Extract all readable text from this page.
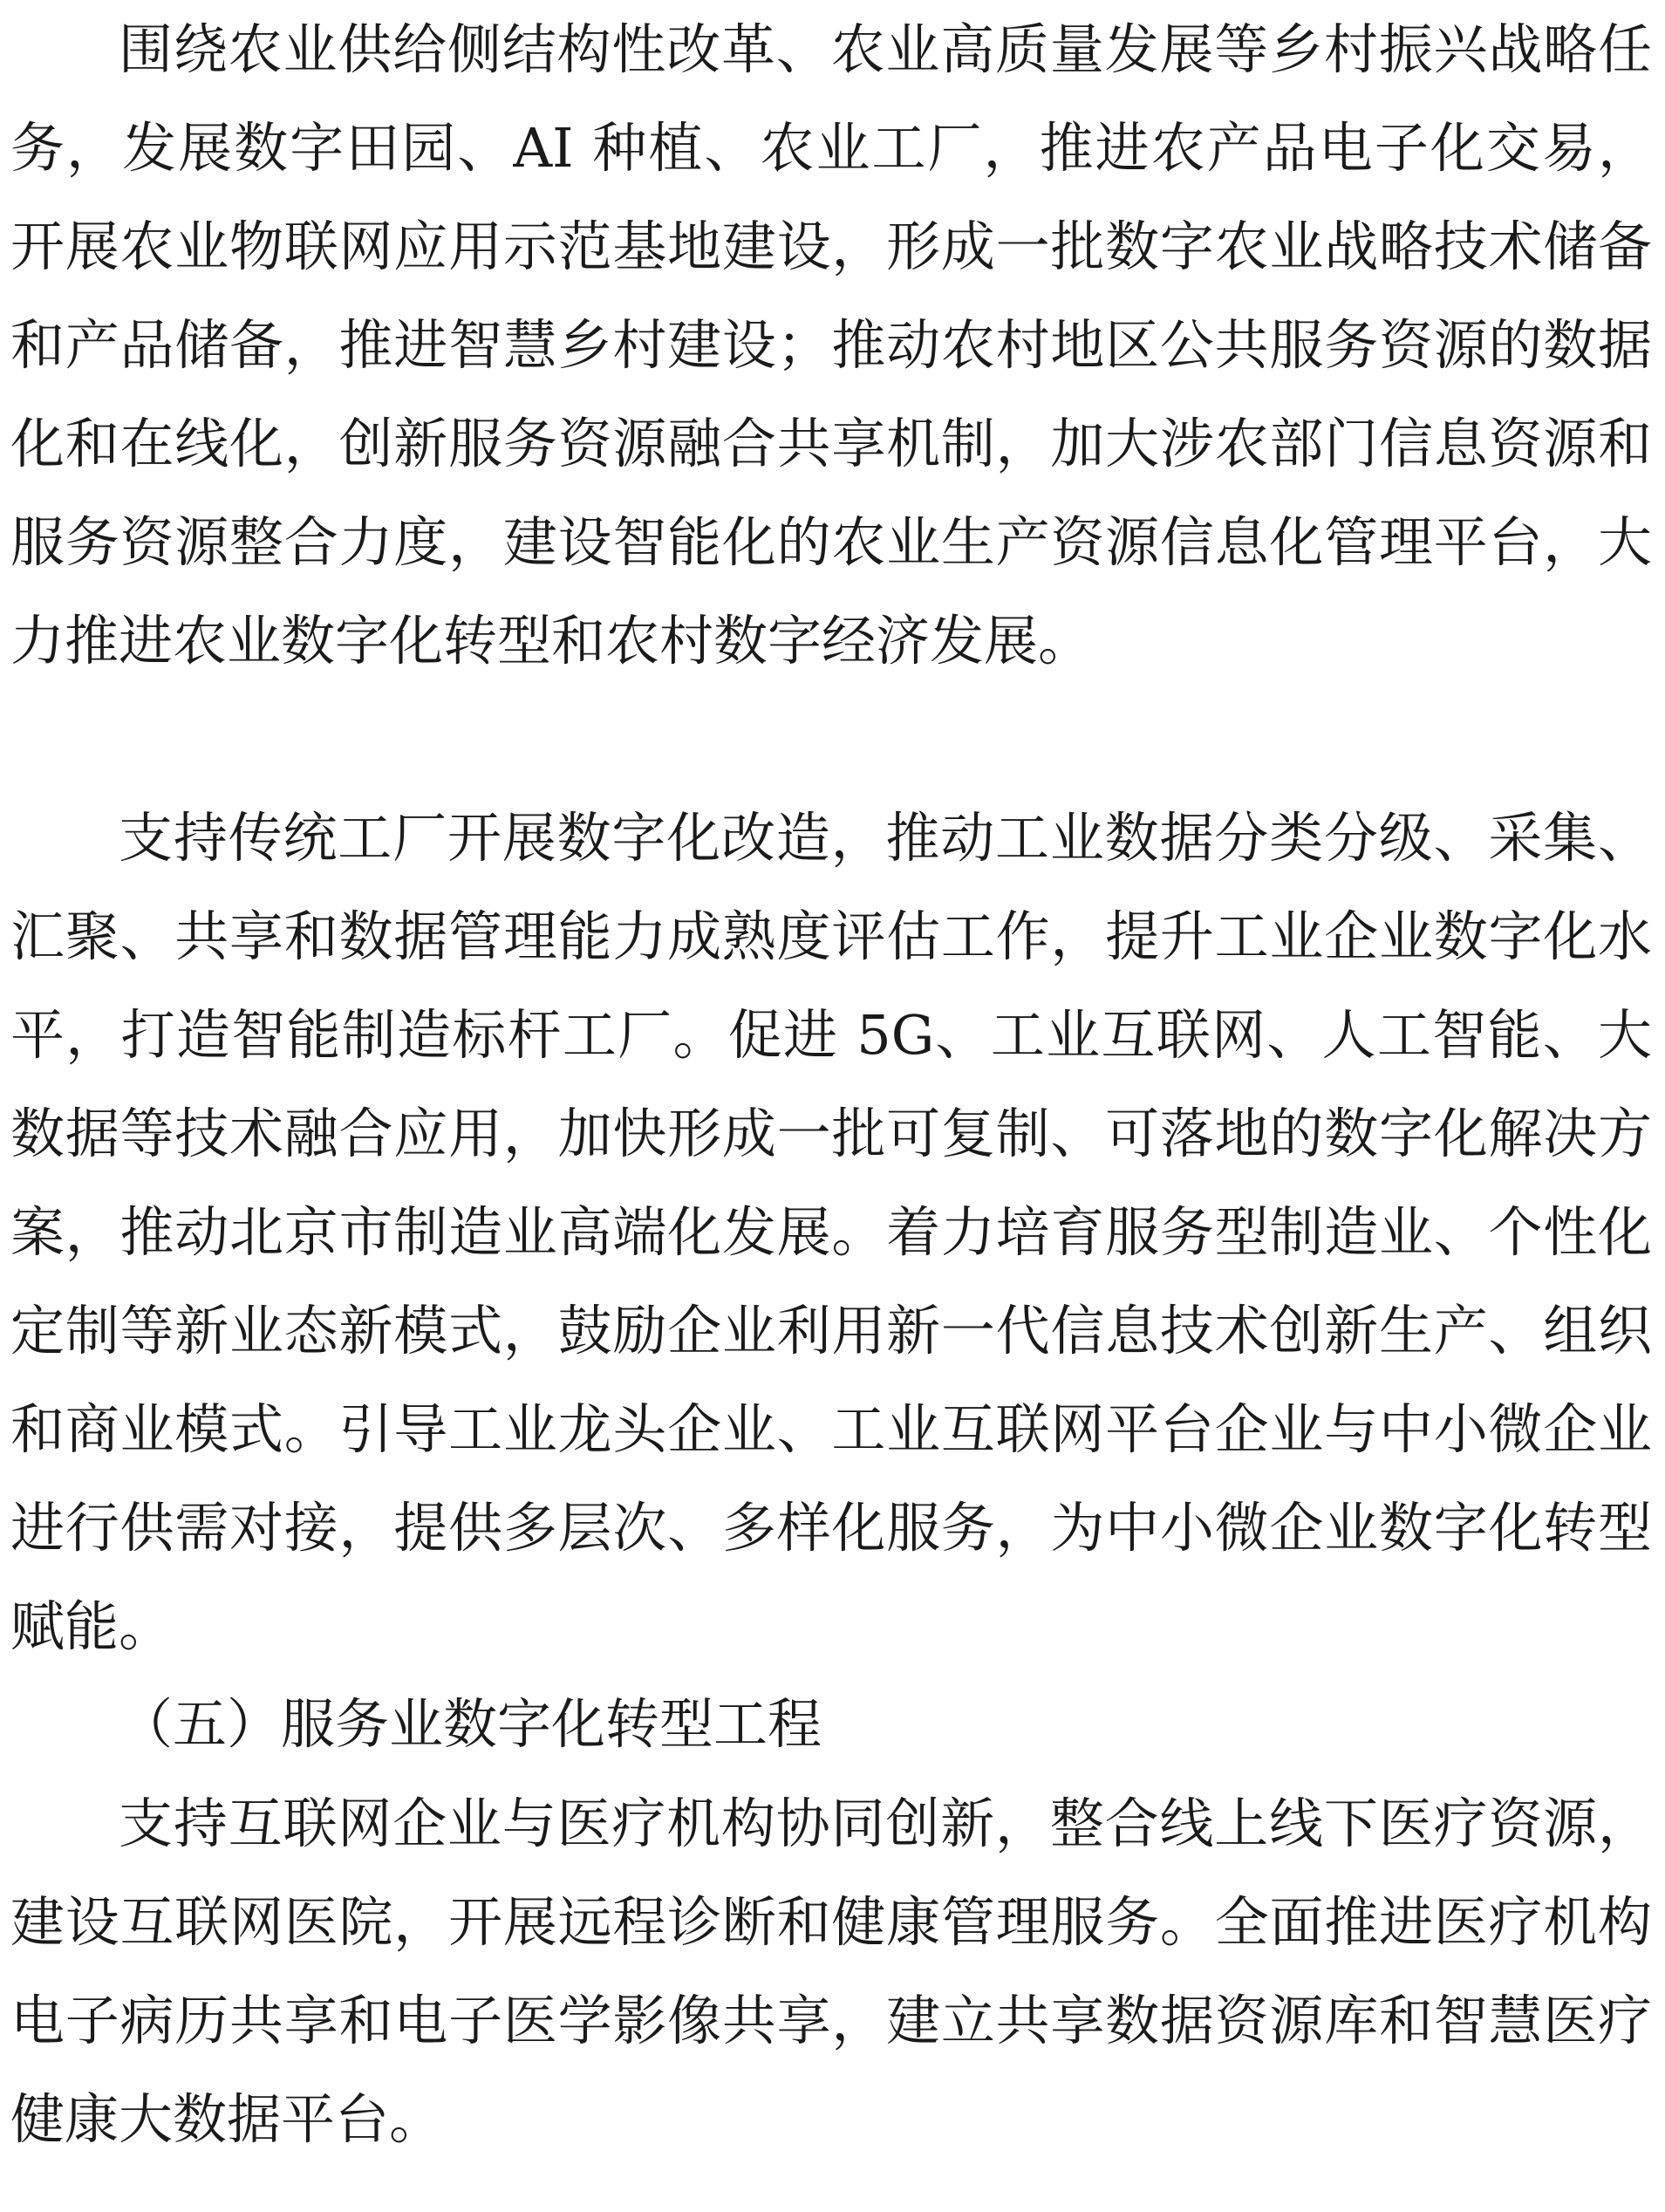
围绕农业供给侧结构性改革、农业高质量发展等乡村振兴战略任务，发展数字田园、AI 种植、农业工厂，推进农产品电子化交易，开展农业物联网应用示范基地建设，形成一批数字农业战略技术储备和产品储备，推进智慧乡村建设；推动农村地区公共服务资源的数据化和在线化，创新服务资源融合共享机制，加大涉农部门信息资源和服务资源整合力度，建设智能化的农业生产资源信息化管理平台，大力推进农业数字化转型和农村数字经济发展。

支持传统工厂开展数字化改造，推动工业数据分类分级、采集、汇聚、共享和数据管理能力成熟度评估工作，提升工业企业数字化水平，打造智能制造标杆工厂。促进 5G、工业互联网、人工智能、大数据等技术融合应用，加快形成一批可复制、可落地的数字化解决方案，推动北京市制造业高端化发展。着力培育服务型制造业、个性化定制等新业态新模式，鼓励企业利用新一代信息技术创新生产、组织和商业模式。引导工业龙头企业、工业互联网平台企业与中小微企业进行供需对接，提供多层次、多样化服务，为中小微企业数字化转型赋能。

（五）服务业数字化转型工程

支持互联网企业与医疗机构协同创新，整合线上线下医疗资源，建设互联网医院，开展远程诊断和健康管理服务。全面推进医疗机构电子病历共享和电子医学影像共享，建立共享数据资源库和智慧医疗健康大数据平台。
